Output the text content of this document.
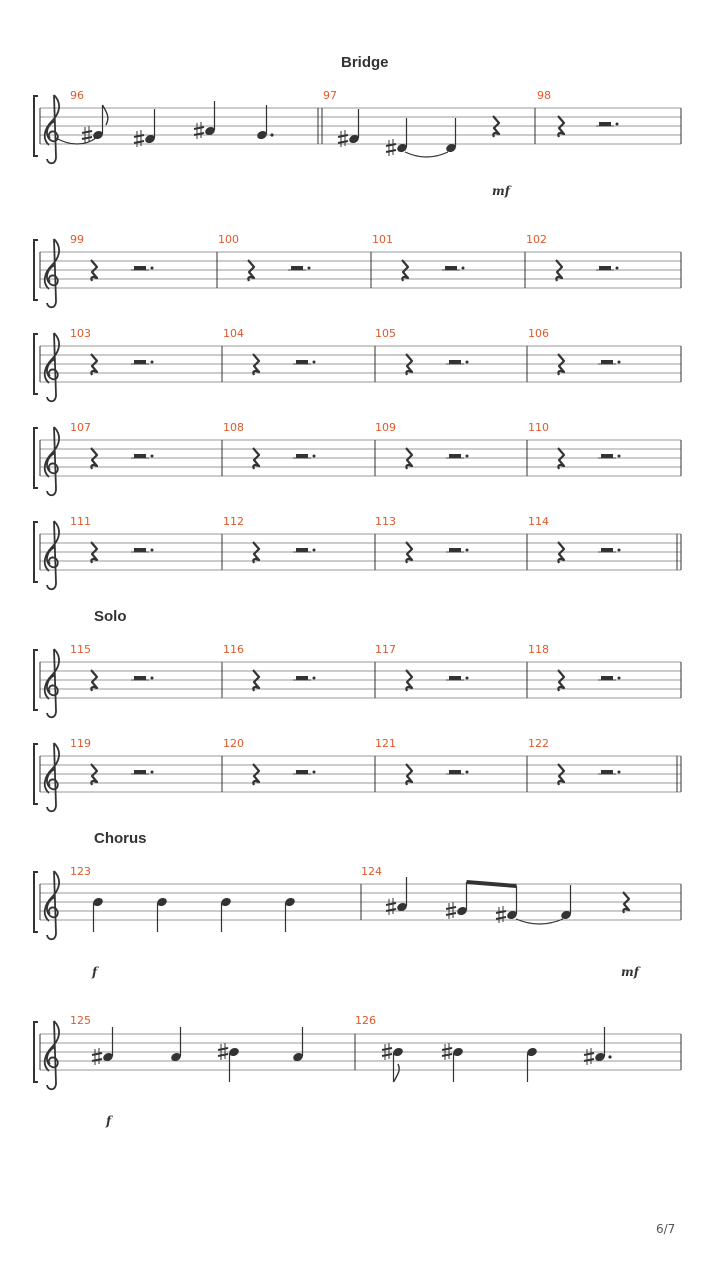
Bridge
Solo
Chorus
96	97	98
mf
99	100	101	102
103	104	105	106
107	108	109	110
111	112	113	114
115	116	117	118
119	120	121	122
123	124
f	mf
125	126
f
6/7
